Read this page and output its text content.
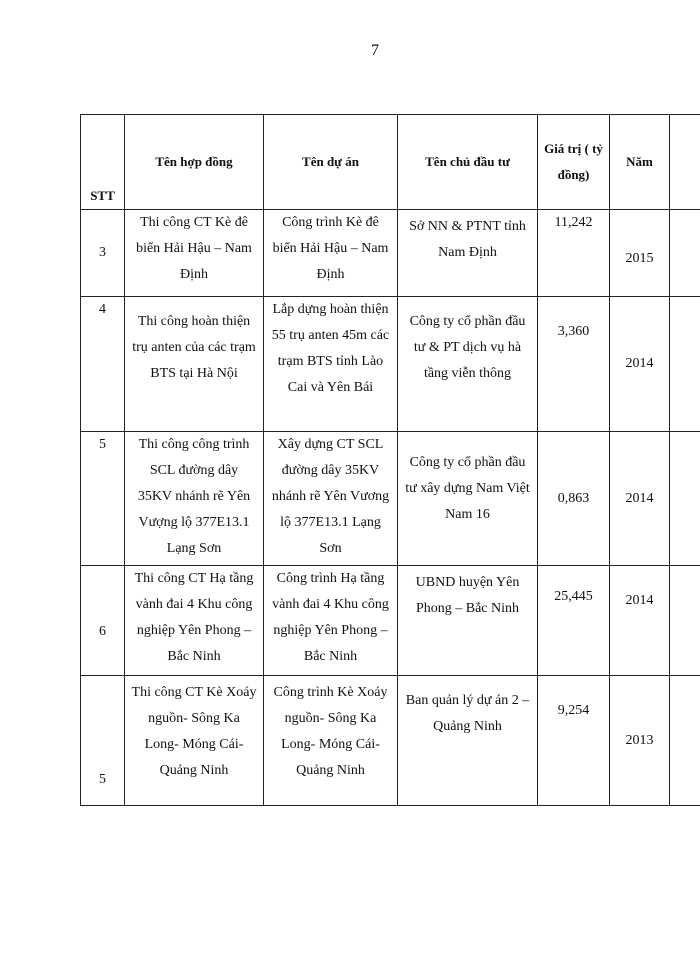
7
STT	Tên hợp đồng	Tên dự án	Tên chủ đầu tư	Giá trị ( tỷ đồng)	Năm	
3	Thi công CT Kè đê biển Hải Hậu – Nam Định	Công trình Kè đê biển Hải Hậu – Nam Định	Sở NN & PTNT tỉnh Nam Định	11,242	2015	
4	Thi công hoàn thiện trụ anten của các trạm BTS tại Hà Nội	Lắp dựng hoàn thiện 55 trụ anten 45m các trạm BTS tỉnh Lào Cai và Yên Bái	Công ty cổ phần đầu tư & PT dịch vụ hà tầng viễn thông	3,360	2014	
5	Thi công công trình SCL đường dây 35KV nhánh rẽ Yên Vượng lộ 377E13.1 Lạng Sơn	Xây dựng CT SCL đường dây 35KV nhánh rẽ Yên Vương lộ 377E13.1 Lạng Sơn	Công ty cổ phần đầu tư xây dựng Nam Việt Nam 16	0,863	2014	
6	Thi công CT Hạ tầng vành đai 4 Khu công nghiệp Yên Phong – Bắc Ninh	Công trình Hạ tầng vành đai 4 Khu công nghiệp Yên Phong – Bắc Ninh	UBND huyện Yên Phong – Bắc Ninh	25,445	2014	
5	Thi công CT Kè Xoáy nguồn- Sông Ka Long- Móng Cái- Quảng Ninh	Công trình Kè Xoáy nguồn- Sông Ka Long- Móng Cái- Quảng Ninh	Ban quản lý dự án 2 – Quảng Ninh	9,254	2013	
